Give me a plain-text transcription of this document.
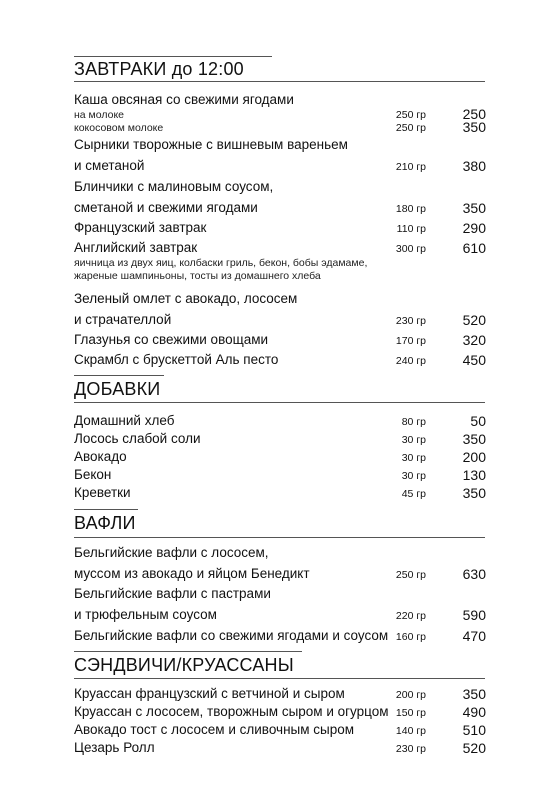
ЗАВТРАКИ до 12:00
Каша овсяная со свежими ягодами
на молоке	250 гр	250
кокосовом молоке	250 гр	350
Сырники творожные с вишневым вареньем
и сметаной	210 гр	380
Блинчики с малиновым соусом,
сметаной и свежими ягодами	180 гр	350
Французский завтрак	110 гр	290
Английский завтрак	300 гр	610
яичница из двух яиц, колбаски гриль, бекон, бобы эдамаме,
жареные шампиньоны, тосты из домашнего хлеба
Зеленый омлет с авокадо, лососем
и страчателлой	230 гр	520
Глазунья со свежими овощами	170 гр	320
Скрамбл с брускеттой Аль песто	240 гр	450
ДОБАВКИ
Домашний хлеб	80 гр	50
Лосось слабой соли	30 гр	350
Авокадо	30 гр	200
Бекон	30 гр	130
Креветки	45 гр	350
ВАФЛИ
Бельгийские вафли с лососем,
муссом из авокадо и яйцом Бенедикт	250 гр	630
Бельгийские вафли с пастрами
и трюфельным соусом	220 гр	590
Бельгийские вафли со свежими ягодами и соусом 160 гр	470
СЭНДВИЧИ/КРУАССАНЫ
Круассан французский с ветчиной и сыром	200 гр	350
Круассан с лососем, творожным сыром и огурцом 150 гр	490
Авокадо тост с лососем и сливочным сыром	140 гр	510
Цезарь Ролл	230 гр	520
